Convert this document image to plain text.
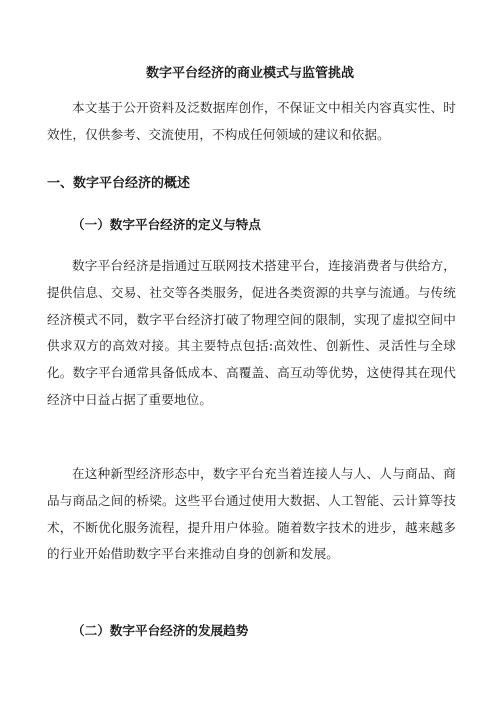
数字平台经济的商业模式与监管挑战

本文基于公开资料及泛数据库创作，不保证文中相关内容真实性、时效性，仅供参考、交流使用，不构成任何领域的建议和依据。

一、数字平台经济的概述
（一）数字平台经济的定义与特点

数字平台经济是指通过互联网技术搭建平台，连接消费者与供给方，提供信息、交易、社交等各类服务，促进各类资源的共享与流通。与传统经济模式不同，数字平台经济打破了物理空间的限制，实现了虚拟空间中供求双方的高效对接。其主要特点包括:高效性、创新性、灵活性与全球化。数字平台通常具备低成本、高覆盖、高互动等优势，这使得其在现代经济中日益占据了重要地位。

在这种新型经济形态中，数字平台充当着连接人与人、人与商品、商品与商品之间的桥梁。这些平台通过使用大数据、人工智能、云计算等技术，不断优化服务流程，提升用户体验。随着数字技术的进步，越来越多的行业开始借助数字平台来推动自身的创新和发展。

（二）数字平台经济的发展趋势
